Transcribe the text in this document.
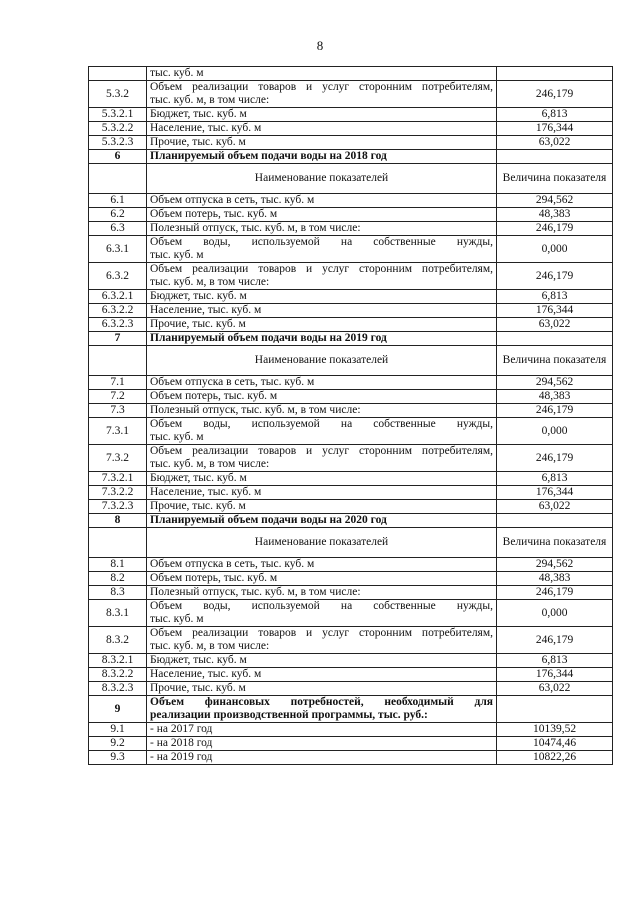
8
	тыс. куб. м	
5.3.2	Объем реализации товаров и услуг сторонним потребителям,
тыс. куб. м, в том числе:	246,179
5.3.2.1	Бюджет, тыс. куб. м	6,813
5.3.2.2	Население, тыс. куб. м	176,344
5.3.2.3	Прочие, тыс. куб. м	63,022
6	Планируемый объем подачи воды на 2018 год	
	Наименование показателей	Величина показателя
6.1	Объем отпуска в сеть, тыс. куб. м	294,562
6.2	Объем потерь, тыс. куб. м	48,383
6.3	Полезный отпуск, тыс. куб. м, в том числе:	246,179
6.3.1	Объем воды, используемой на собственные нужды,
тыс. куб. м	0,000
6.3.2	Объем реализации товаров и услуг сторонним потребителям,
тыс. куб. м, в том числе:	246,179
6.3.2.1	Бюджет, тыс. куб. м	6,813
6.3.2.2	Население, тыс. куб. м	176,344
6.3.2.3	Прочие, тыс. куб. м	63,022
7	Планируемый объем подачи воды на 2019 год	
	Наименование показателей	Величина показателя
7.1	Объем отпуска в сеть, тыс. куб. м	294,562
7.2	Объем потерь, тыс. куб. м	48,383
7.3	Полезный отпуск, тыс. куб. м, в том числе:	246,179
7.3.1	Объем воды, используемой на собственные нужды,
тыс. куб. м	0,000
7.3.2	Объем реализации товаров и услуг сторонним потребителям,
тыс. куб. м, в том числе:	246,179
7.3.2.1	Бюджет, тыс. куб. м	6,813
7.3.2.2	Население, тыс. куб. м	176,344
7.3.2.3	Прочие, тыс. куб. м	63,022
8	Планируемый объем подачи воды на 2020 год	
	Наименование показателей	Величина показателя
8.1	Объем отпуска в сеть, тыс. куб. м	294,562
8.2	Объем потерь, тыс. куб. м	48,383
8.3	Полезный отпуск, тыс. куб. м, в том числе:	246,179
8.3.1	Объем воды, используемой на собственные нужды,
тыс. куб. м	0,000
8.3.2	Объем реализации товаров и услуг сторонним потребителям,
тыс. куб. м, в том числе:	246,179
8.3.2.1	Бюджет, тыс. куб. м	6,813
8.3.2.2	Население, тыс. куб. м	176,344
8.3.2.3	Прочие, тыс. куб. м	63,022
9	Объем финансовых потребностей, необходимый для
реализации производственной программы, тыс. руб.:	

9.1	- на 2017 год	10139,52
9.2	- на 2018 год	10474,46
9.3	- на 2019 год	10822,26
